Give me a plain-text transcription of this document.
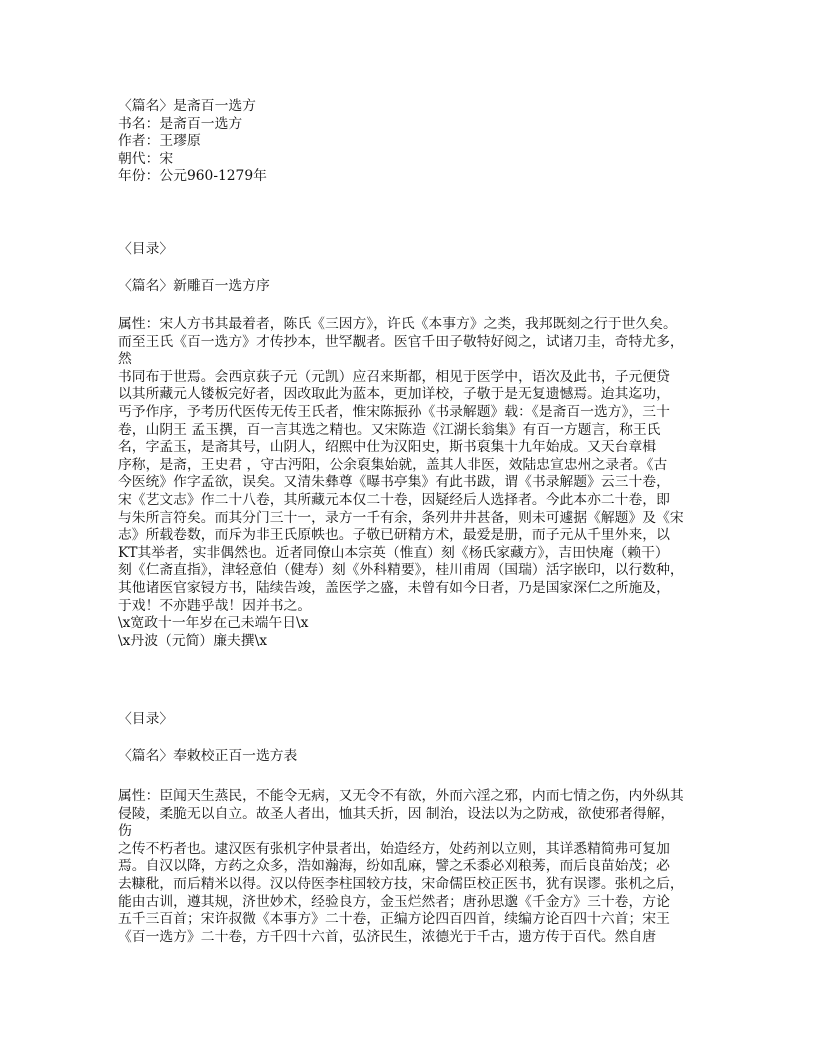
〈篇名〉是斋百一选方
书名：是斋百一选方
作者：王璆原
朝代：宋
年份：公元960-1279年
〈目录〉
〈篇名〉新雕百一选方序
属性：宋人方书其最着者，陈氏《三因方》，许氏《本事方》之类，我邦既刻之行于世久矣。
而至王氏《百一选方》才传抄本，世罕觏者。医官千田子敬特好阅之，试诸刀圭，奇特尤多，
然
书同布于世焉。会西京荻子元（元凯）应召来斯都，相见于医学中，语次及此书，子元便贷
以其所藏元人镂板完好者，因改取此为蓝本，更加详校，子敬于是无复遗憾焉。迨其迄功，
丐予作序，予考历代医传无传王氏者，惟宋陈振孙《书录解题》载：《是斋百一选方》，三十
卷，山阴王 孟玉撰，百一言其选之精也。又宋陈造《江湖长翁集》有百一方题言，称王氏
名，字孟玉，是斋其号，山阴人，绍熙中仕为汉阳史，斯书裒集十九年始成。又天台章楫
序称，是斋，王史君 ，守古沔阳，公余裒集始就，盖其人非医，效陆忠宣忠州之录者。《古
今医统》作字孟欲，误矣。又清朱彝尊《曝书亭集》有此书跋，谓《书录解题》云三十卷，
宋《艺文志》作二十八卷，其所藏元本仅二十卷，因疑经后人选择者。今此本亦二十卷，即
与朱所言符矣。而其分门三十一，录方一千有余，条列井井甚备，则未可遽据《解题》及《宋
志》所载卷数，而斥为非王氏原帙也。子敬已研精方术，最爱是册，而子元从千里外来，以
KT其举者，实非偶然也。近者同僚山本宗英（惟直）刻《杨氏家藏方》，吉田快庵（赖干）
刻《仁斋直指》，津轻意伯（健寿）刻《外科精要》，桂川甫周（国瑞）活字嵌印，以行数种，
其他诸医官家锓方书，陆续告竣，盖医学之盛，未曾有如今日者，乃是国家深仁之所施及，
于戏！不亦韪乎哉！因并书之。
\x宽政十一年岁在己未端午日\x
\x丹波（元简）廉夫撰\x
〈目录〉
〈篇名〉奉敕校正百一选方表
属性：臣闻天生蒸民，不能令无病，又无令不有欲，外而六淫之邪，内而七情之伤，内外纵其
侵陵，柔脆无以自立。故圣人者出，恤其夭折，因 制治，设法以为之防戒，欲使邪者得解，
伤
之传不朽者也。逮汉医有张机字仲景者出，始造经方，处药剂以立则，其详悉精简弗可复加
焉。自汉以降，方药之众多，浩如瀚海，纷如乱麻，譬之禾黍必刈稂莠，而后良苗始茂；必
去糠秕，而后精米以得。汉以侍医李柱国较方技，宋命儒臣校正医书，犹有误谬。张机之后，
能由古训，遵其规，济世妙术，经验良方，金玉烂然者；唐孙思邈《千金方》三十卷，方论
五千三百首；宋许叔微《本事方》二十卷，正编方论四百四首，续编方论百四十六首；宋王
《百一选方》二十卷，方千四十六首，弘济民生，浓德光于千古，遗方传于百代。然自唐
